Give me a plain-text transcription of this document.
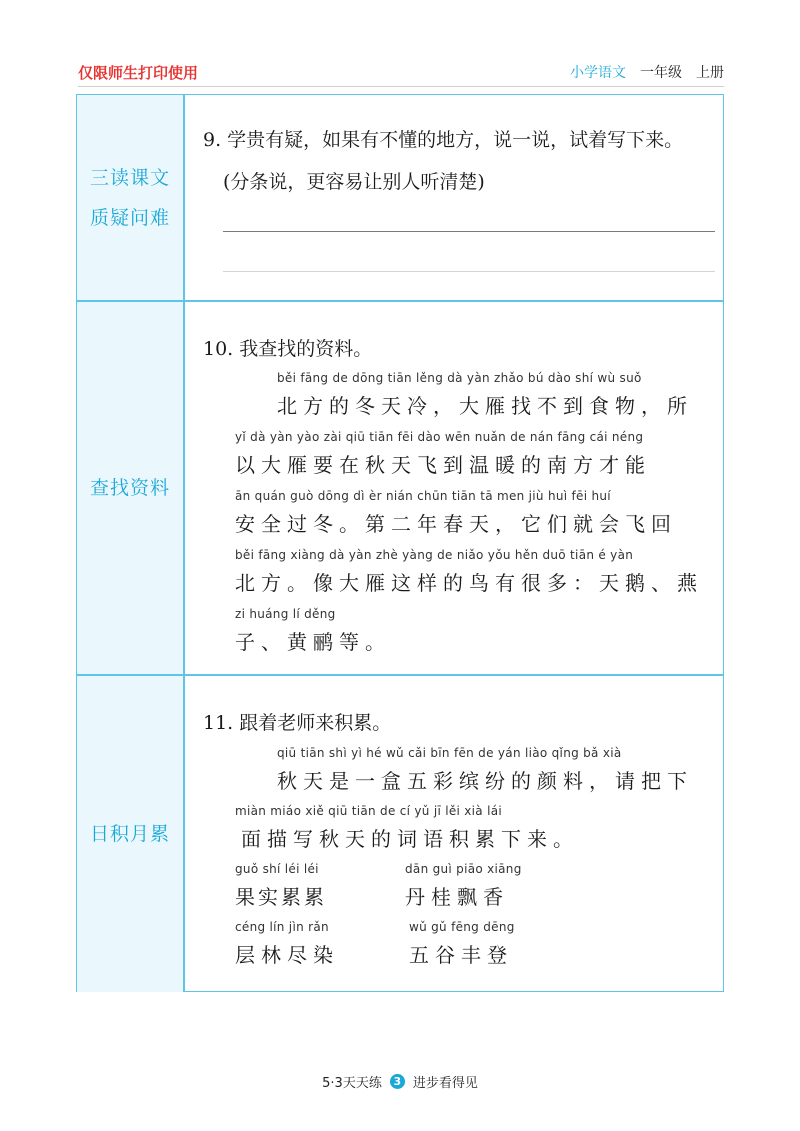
仅限师生打印使用	小学语文 一年级 上册
三读课文
质疑问难
9. 学贵有疑，如果有不懂的地方，说一说，试着写下来。
(分条说，更容易让别人听清楚)
查找资料
10. 我查找的资料。
běi fāng de dōng tiān lěng dà yàn zhǎo bú dào shí wù suǒ
北方的冬天冷，大雁找不到食物，所
yǐ dà yàn yào zài qiū tiān fēi dào wēn nuǎn de nán fāng cái néng
以大雁要在秋天飞到温暖的南方才能
ān quán guò dōng dì èr nián chūn tiān tā men jiù huì fēi huí
安全过冬。第二年春天，它们就会飞回
běi fāng xiàng dà yàn zhè yàng de niǎo yǒu hěn duō tiān é yàn
北方。像大雁这样的鸟有很多：天鹅、燕
zi huáng lí děng
子、黄鹂等。
日积月累
11. 跟着老师来积累。
qiū tiān shì yì hé wǔ cǎi bīn fēn de yán liào qǐng bǎ xià
秋天是一盒五彩缤纷的颜料，请把下
miàn miáo xiě qiū tiān de cí yǔ jī lěi xià lái
面描写秋天的词语积累下来。
guǒ shí léi léi
果实累累
dān guì piāo xiāng
丹桂飘香
céng lín jìn rǎn
层林尽染
wǔ gǔ fēng dēng
五谷丰登
5·3天天练	3 进步看得见
